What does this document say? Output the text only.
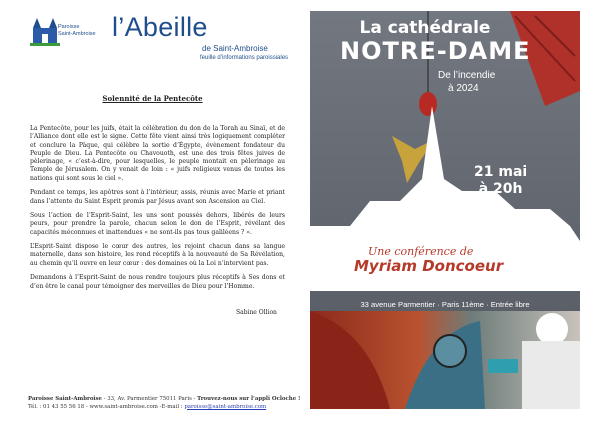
Paroisse
Saint-Ambroise l’Abeille
de Saint-Ambroise
feuille d’informations paroissiales
Solennité de la Pentecôte

La Pentecôte, pour les juifs, était la célébration du don de la Torah au Sinaï, et de l’Alliance dont elle est le signe. Cette fête vient ainsi très logiquement compléter et conclure la Pâque, qui célèbre la sortie d’Égypte, évènement fondateur du Peuple de Dieu. La Pentecôte ou Chavouoth, est une des trois fêtes juives de pèlerinage, « c’est-à-dire, pour lesquelles, le peuple montait en pèlerinage au Temple de Jérusalem. On y venait de loin : « juifs religieux venus de toutes les nations qui sont sous le ciel ».

Pendant ce temps, les apôtres sont à l’intérieur, assis, réunis avec Marie et priant dans l’attente du Saint Esprit promis par Jésus avant son Ascension au Ciel.

Sous l’action de l’Esprit-Saint, les uns sont poussés dehors, libérés de leurs peurs, pour prendre la parole, chacun selon le don de l’Esprit, révélant des capacités méconnues et inattendues « ne sont-ils pas tous galiléens ? ».

L’Esprit-Saint dispose le cœur des autres, les rejoint chacun dans sa langue maternelle, dans son histoire, les rend réceptifs à la nouveauté de Sa Révélation, au chemin qu’il ouvre en leur cœur : des domaines où la Loi n’intervient pas.

Demandons à l’Esprit-Saint de nous rendre toujours plus réceptifs à Ses dons et d’en être le canal pour témoigner des merveilles de Dieu pour l’Homme.

Sabine Ollion
Paroisse Saint-Ambroise - 33, Av. Parmentier 75011 Paris - Trouvez-nous sur l’appli Ocloche !
Tél. : 01 43 55 56 18 - www.saint-ambroise.com -E-mail : paroisse@saint-ambroise.com
La cathédrale
NOTRE-DAME
De l’incendie
à 2024
21 mai
à 20h
Une conférence de
Myriam Doncoeur
33 avenue Parmentier · Paris 11ème · Entrée libre
